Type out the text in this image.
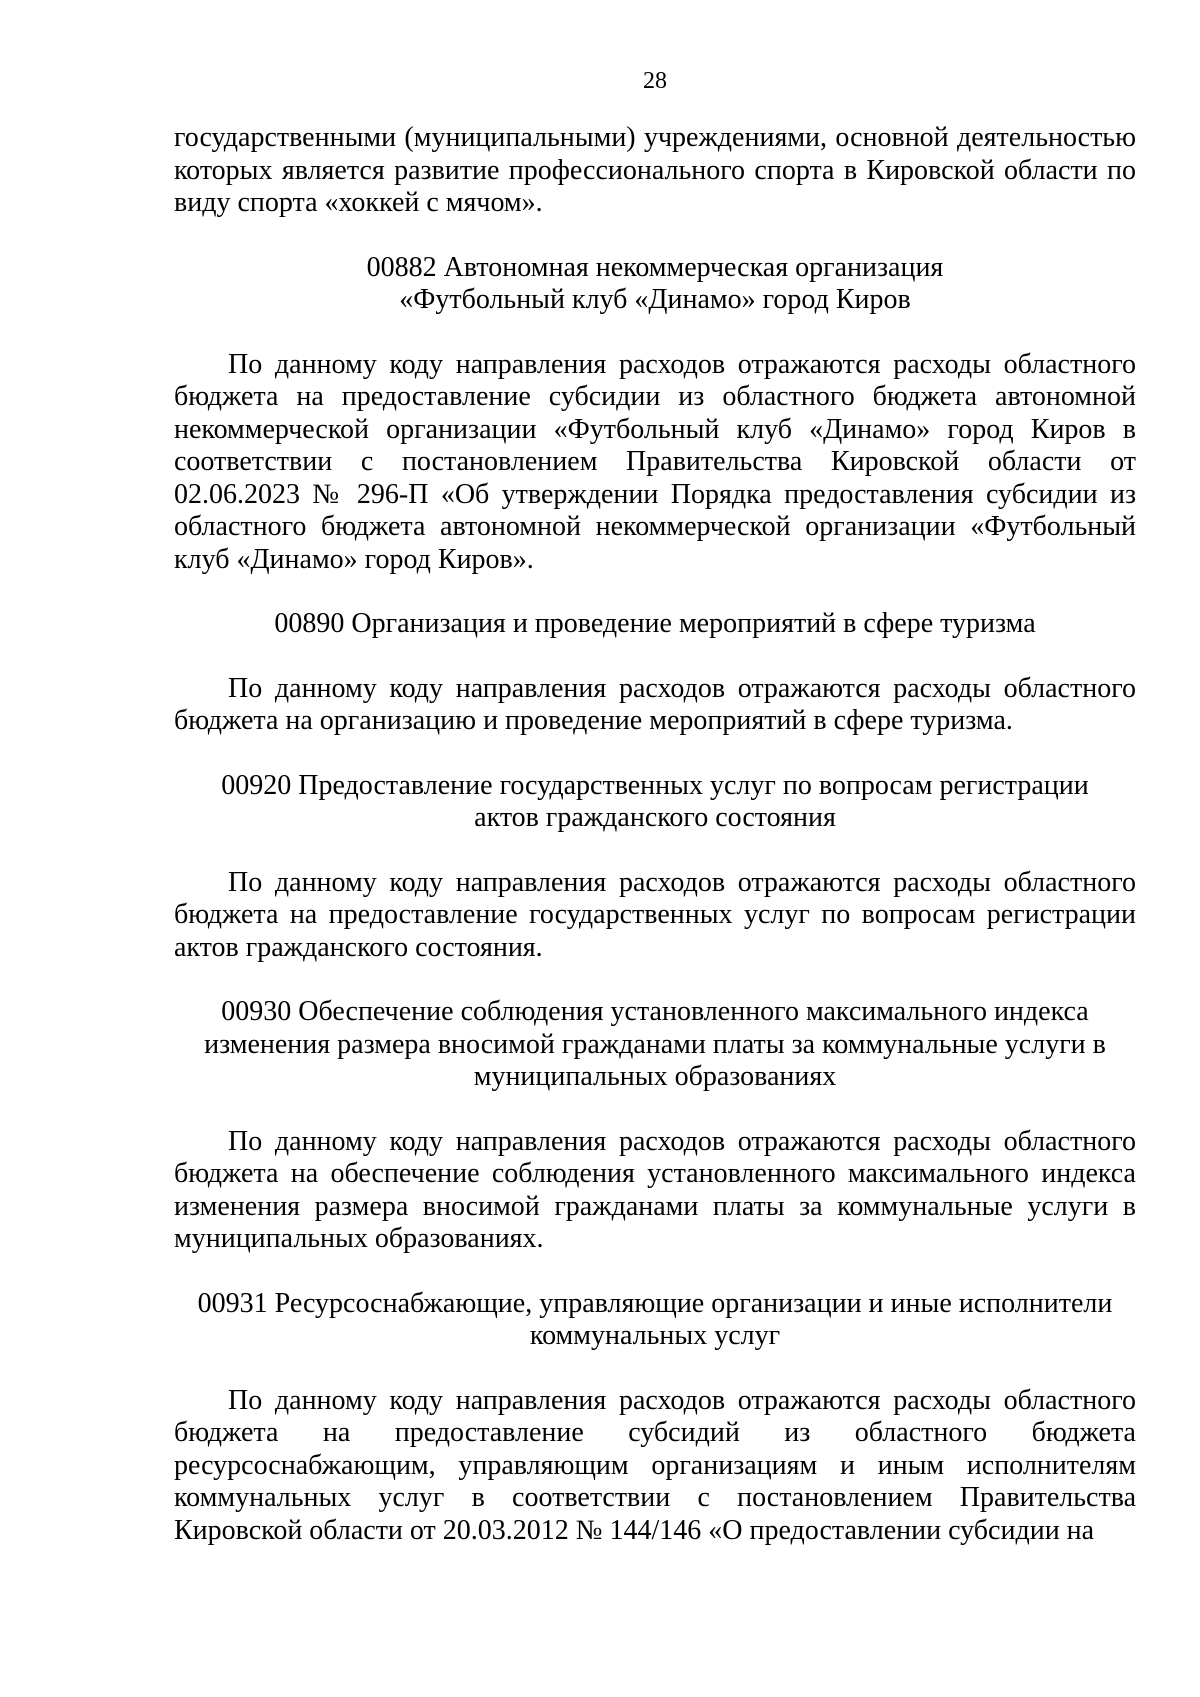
28

государственными (муниципальными) учреждениями, основной деятельностью которых является развитие профессионального спорта в Кировской области по виду спорта «хоккей с мячом».

00882 Автономная некоммерческая организация
«Футбольный клуб «Динамо» город Киров

По данному коду направления расходов отражаются расходы областного бюджета на предоставление субсидии из областного бюджета автономной некоммерческой организации «Футбольный клуб «Динамо» город Киров в соответствии с постановлением Правительства Кировской области от 02.06.2023 № 296-П «Об утверждении Порядка предоставления субсидии из областного бюджета автономной некоммерческой организации «Футбольный клуб «Динамо» город Киров».

00890 Организация и проведение мероприятий в сфере туризма

По данному коду направления расходов отражаются расходы областного бюджета на организацию и проведение мероприятий в сфере туризма.

00920 Предоставление государственных услуг по вопросам регистрации
актов гражданского состояния

По данному коду направления расходов отражаются расходы областного бюджета на предоставление государственных услуг по вопросам регистрации актов гражданского состояния.

00930 Обеспечение соблюдения установленного максимального индекса
изменения размера вносимой гражданами платы за коммунальные услуги в
муниципальных образованиях

По данному коду направления расходов отражаются расходы областного бюджета на обеспечение соблюдения установленного максимального индекса изменения размера вносимой гражданами платы за коммунальные услуги в муниципальных образованиях.

00931 Ресурсоснабжающие, управляющие организации и иные исполнители
коммунальных услуг

По данному коду направления расходов отражаются расходы областного бюджета на предоставление субсидий из областного бюджета ресурсоснабжающим, управляющим организациям и иным исполнителям коммунальных услуг в соответствии с постановлением Правительства Кировской области от 20.03.2012 № 144/146 «О предоставлении субсидии на
